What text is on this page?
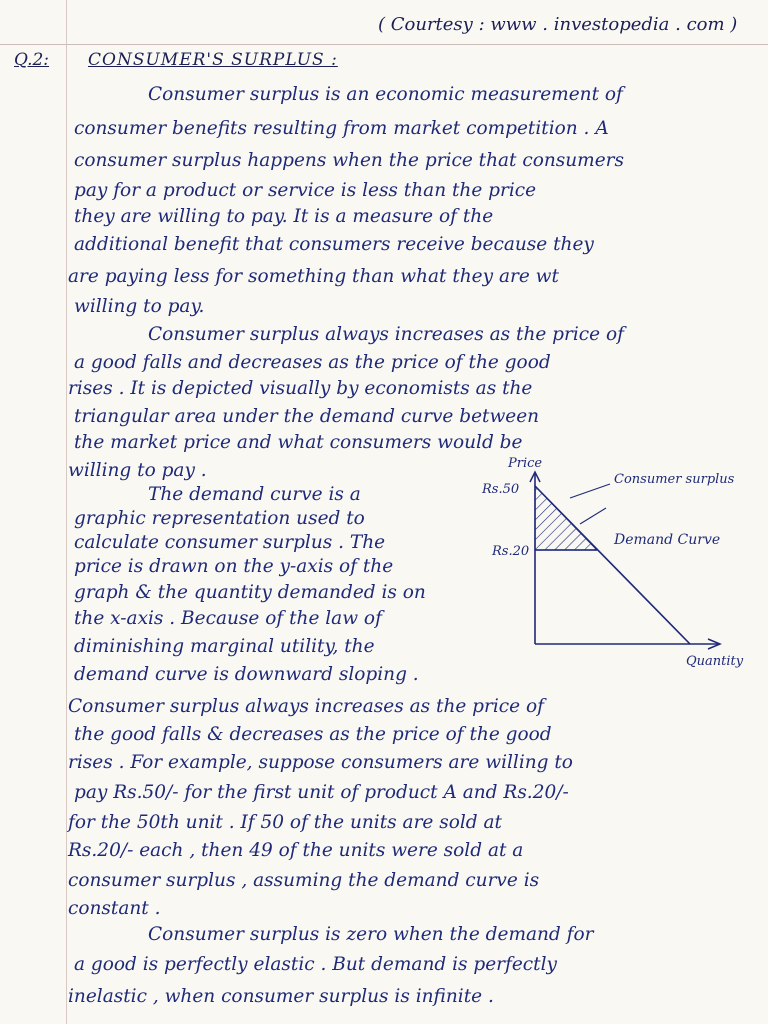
( Courtesy : www . investopedia . com )
Q.2: CONSUMER'S SURPLUS :
Consumer surplus is an economic measurement of
consumer benefits resulting from market competition . A
consumer surplus happens when the price that consumers
pay for a product or service is less than the price
they are willing to pay. It is a measure of the
additional benefit that consumers receive because they
are paying less for something than what they are wt
willing to pay.
Consumer surplus always increases as the price of
a good falls and decreases as the price of the good
rises . It is depicted visually by economists as the
triangular area under the demand curve between
the market price and what consumers would be
willing to pay .
The demand curve is a
graphic representation used to
calculate consumer surplus . The
price is drawn on the y-axis of the
graph & the quantity demanded is on
the x-axis . Because of the law of
diminishing marginal utility, the
demand curve is downward sloping .
Price
Rs.50
Rs.20
Consumer surplus
Demand Curve
Quantity
Consumer surplus always increases as the price of
the good falls & decreases as the price of the good
rises . For example, suppose consumers are willing to
pay Rs.50/- for the first unit of product A and Rs.20/-
for the 50th unit . If 50 of the units are sold at
Rs.20/- each , then 49 of the units were sold at a
consumer surplus , assuming the demand curve is
constant .
Consumer surplus is zero when the demand for
a good is perfectly elastic . But demand is perfectly
inelastic , when consumer surplus is infinite .
